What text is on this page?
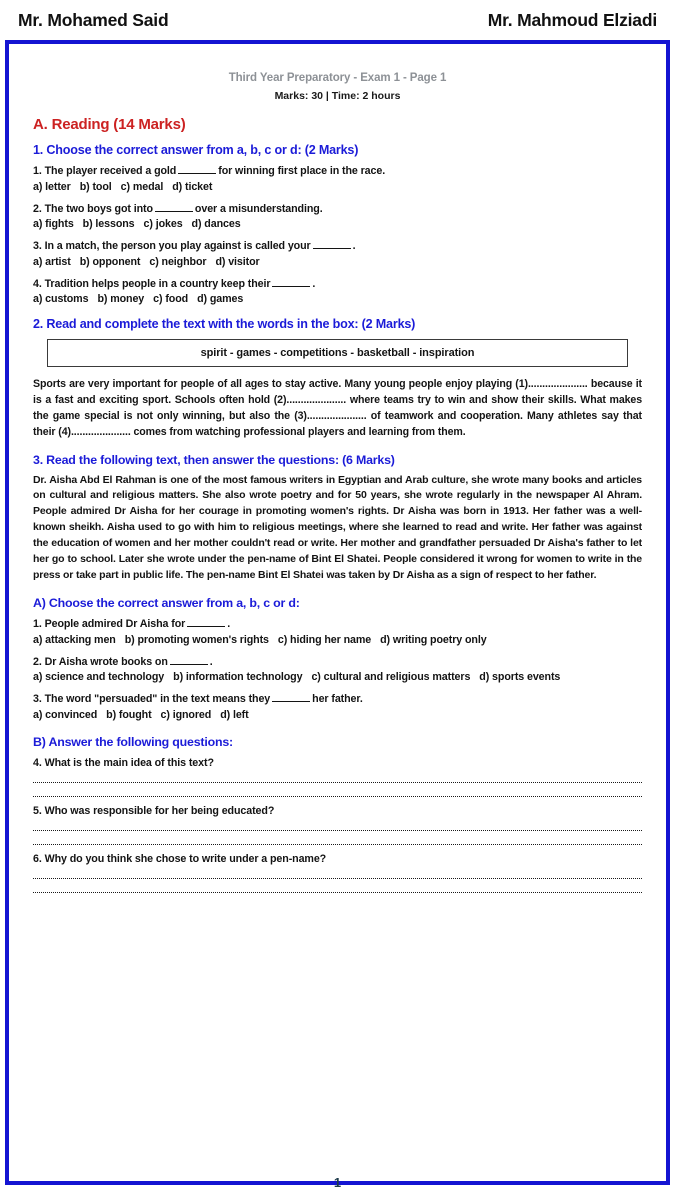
Mr. Mohamed Said	Mr. Mahmoud Elziadi
Third Year Preparatory - Exam 1 - Page 1
Marks: 30 | Time: 2 hours
A. Reading (14 Marks)
1. Choose the correct answer from a, b, c or d: (2 Marks)
1. The player received a gold	for winning first place in the race.
a) letter b) tool c) medal d) ticket
2. The two boys got into	over a misunderstanding.
a) fights b) lessons c) jokes d) dances
3. In a match, the person you play against is called your	.
a) artist b) opponent c) neighbor d) visitor
4. Tradition helps people in a country keep their	.
a) customs b) money c) food d) games
2. Read and complete the text with the words in the box: (2 Marks)
spirit - games - competitions - basketball - inspiration
Sports are very important for people of all ages to stay active. Many young people enjoy playing (1)..................... because it is a fast and exciting sport. Schools often hold (2)..................... where teams try to win and show their skills. What makes the game special is not only winning, but also the (3)..................... of teamwork and cooperation. Many athletes say that their (4)..................... comes from watching professional players and learning from them.
3. Read the following text, then answer the questions: (6 Marks)
Dr. Aisha Abd El Rahman is one of the most famous writers in Egyptian and Arab culture, she wrote many books and articles on cultural and religious matters. She also wrote poetry and for 50 years, she wrote regularly in the newspaper Al Ahram. People admired Dr Aisha for her courage in promoting women's rights. Dr Aisha was born in 1913. Her father was a well-known sheikh. Aisha used to go with him to religious meetings, where she learned to read and write. Her father was against the education of women and her mother couldn't read or write. Her mother and grandfather persuaded Dr Aisha's father to let her go to school. Later she wrote under the pen-name of Bint El Shatei. People considered it wrong for women to write in the press or take part in public life. The pen-name Bint El Shatei was taken by Dr Aisha as a sign of respect to her father.
A) Choose the correct answer from a, b, c or d:
1. People admired Dr Aisha for	.
a) attacking men b) promoting women's rights c) hiding her name d) writing poetry only
2. Dr Aisha wrote books on	.
a) science and technology b) information technology c) cultural and religious matters d) sports events
3. The word "persuaded" in the text means they	her father.
a) convinced b) fought c) ignored d) left
B) Answer the following questions:
4. What is the main idea of this text?
5. Who was responsible for her being educated?
6. Why do you think she chose to write under a pen-name?
1
